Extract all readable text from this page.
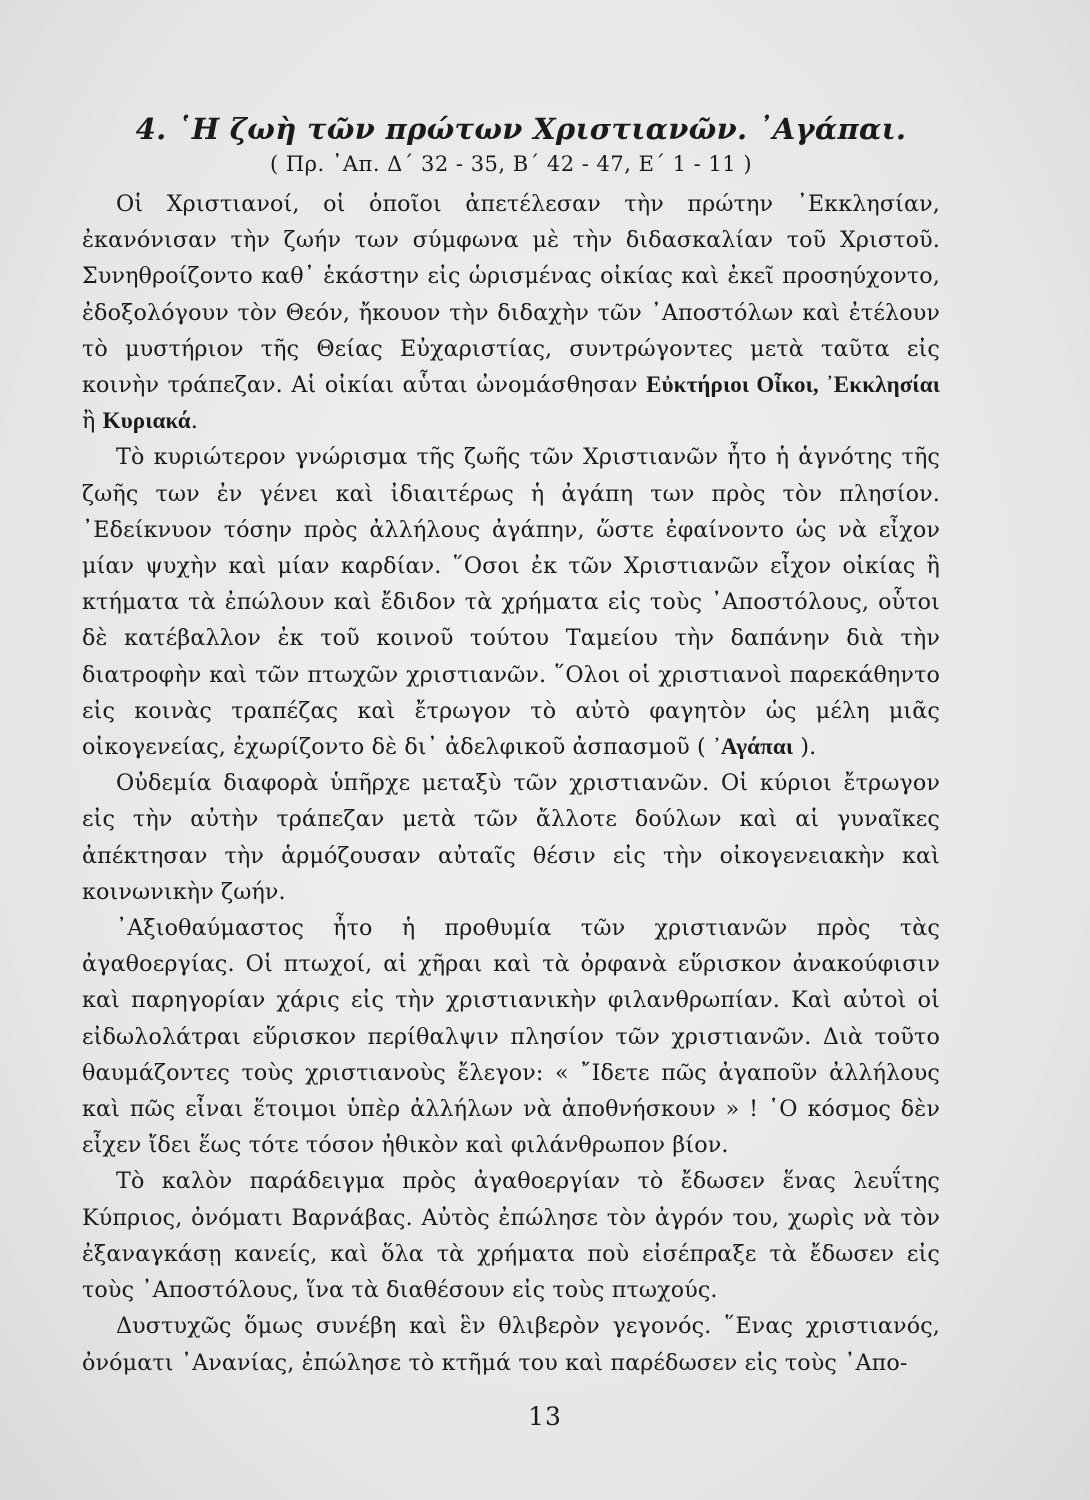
4. ῾Η ζωὴ τῶν πρώτων Χριστιανῶν. ᾿Αγάπαι.
( Πρ. ᾿Απ. Δ΄ 32 - 35, Β΄ 42 - 47, Ε΄ 1 - 11 )

Οἱ Χριστιανοί, οἱ ὁποῖοι ἀπετέλεσαν τὴν πρώτην ᾿Εκκλησίαν, ἐκανόνισαν τὴν ζωήν των σύμφωνα μὲ τὴν διδασκαλίαν τοῦ Χριστοῦ. Συνηθροίζοντο καθ᾿ ἑκάστην εἰς ὡρισμένας οἰκίας καὶ ἐκεῖ προσηύχοντο, ἐδοξολόγουν τὸν Θεόν, ἤκουον τὴν διδαχὴν τῶν ᾿Αποστόλων καὶ ἐτέλουν τὸ μυστήριον τῆς Θείας Εὐχαριστίας, συντρώγοντες μετὰ ταῦτα εἰς κοινὴν τράπεζαν. Αἱ οἰκίαι αὗται ὠνομάσθησαν Εὐκτήριοι Οἶκοι, ᾿Εκκλησίαι ἢ Κυριακά.

Τὸ κυριώτερον γνώρισμα τῆς ζωῆς τῶν Χριστιανῶν ἦτο ἡ ἁγνότης τῆς ζωῆς των ἐν γένει καὶ ἰδιαιτέρως ἡ ἀγάπη των πρὸς τὸν πλησίον. ᾿Εδείκνυον τόσην πρὸς ἀλλήλους ἀγάπην, ὥστε ἐφαίνοντο ὡς νὰ εἶχον μίαν ψυχὴν καὶ μίαν καρδίαν. ῞Οσοι ἐκ τῶν Χριστιανῶν εἶχον οἰκίας ἢ κτήματα τὰ ἐπώλουν καὶ ἔδιδον τὰ χρήματα εἰς τοὺς ᾿Αποστόλους, οὗτοι δὲ κατέβαλλον ἐκ τοῦ κοινοῦ τούτου Ταμείου τὴν δαπάνην διὰ τὴν διατροφὴν καὶ τῶν πτωχῶν χριστιανῶν. ῞Ολοι οἱ χριστιανοὶ παρεκάθηντο εἰς κοινὰς τραπέζας καὶ ἔτρωγον τὸ αὐτὸ φαγητὸν ὡς μέλη μιᾶς οἰκογενείας, ἐχωρίζοντο δὲ δι᾿ ἀδελφικοῦ ἀσπασμοῦ ( ᾿Αγάπαι ).

Οὐδεμία διαφορὰ ὑπῆρχε μεταξὺ τῶν χριστιανῶν. Οἱ κύριοι ἔτρωγον εἰς τὴν αὐτὴν τράπεζαν μετὰ τῶν ἄλλοτε δούλων καὶ αἱ γυναῖκες ἀπέκτησαν τὴν ἁρμόζουσαν αὐταῖς θέσιν εἰς τὴν οἰκογενειακὴν καὶ κοινωνικὴν ζωήν.

᾿Αξιοθαύμαστος ἦτο ἡ προθυμία τῶν χριστιανῶν πρὸς τὰς ἀγαθοεργίας. Οἱ πτωχοί, αἱ χῆραι καὶ τὰ ὀρφανὰ εὕρισκον ἀνακούφισιν καὶ παρηγορίαν χάρις εἰς τὴν χριστιανικὴν φιλανθρωπίαν. Καὶ αὐτοὶ οἱ εἰδωλολάτραι εὕρισκον περίθαλψιν πλησίον τῶν χριστιανῶν. Διὰ τοῦτο θαυμάζοντες τοὺς χριστιανοὺς ἔλεγον: « ῎Ιδετε πῶς ἀγαποῦν ἀλλήλους καὶ πῶς εἶναι ἕτοιμοι ὑπὲρ ἀλλήλων νὰ ἀποθνήσκουν » ! ῾Ο κόσμος δὲν εἶχεν ἴδει ἕως τότε τόσον ἠθικὸν καὶ φιλάνθρωπον βίον.

Τὸ καλὸν παράδειγμα πρὸς ἀγαθοεργίαν τὸ ἔδωσεν ἕνας λευΐτης Κύπριος, ὀνόματι Βαρνάβας. Αὐτὸς ἐπώλησε τὸν ἀγρόν του, χωρὶς νὰ τὸν ἐξαναγκάσῃ κανείς, καὶ ὅλα τὰ χρήματα ποὺ εἰσέπραξε τὰ ἔδωσεν εἰς τοὺς ᾿Αποστόλους, ἵνα τὰ διαθέσουν εἰς τοὺς πτωχούς.

Δυστυχῶς ὅμως συνέβη καὶ ἓν θλιβερὸν γεγονός. ῞Ενας χριστιανός, ὀνόματι ᾿Ανανίας, ἐπώλησε τὸ κτῆμά του καὶ παρέδωσεν εἰς τοὺς ᾿Απο-

13
